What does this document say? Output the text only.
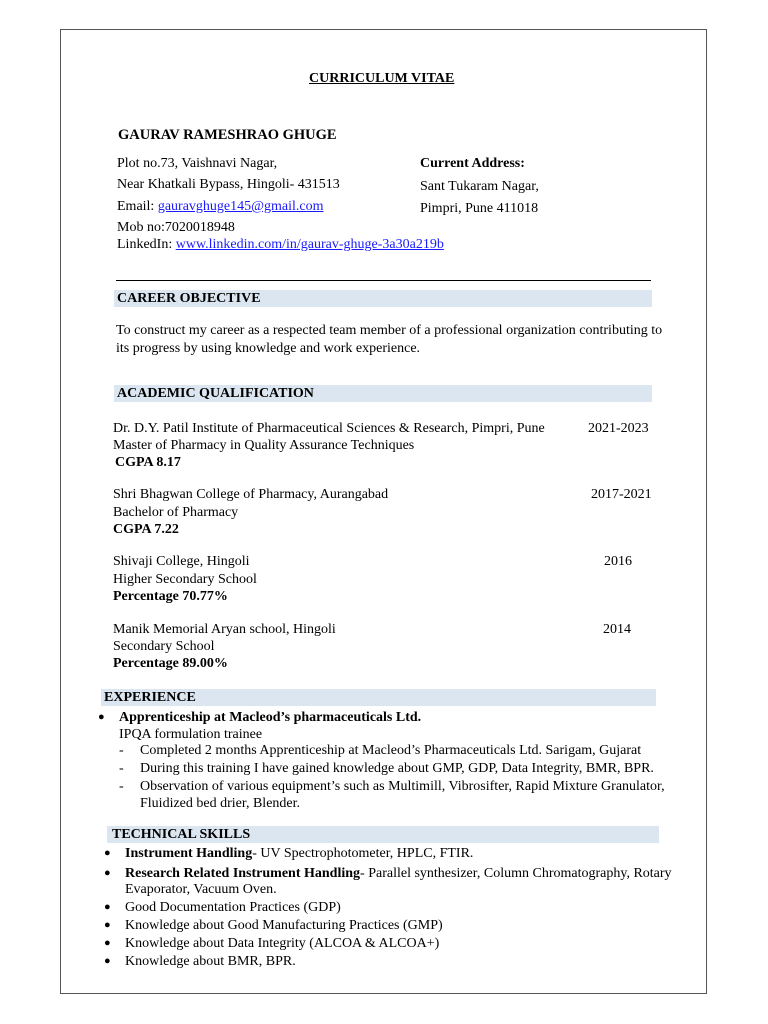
CURRICULUM VITAE
GAURAV RAMESHRAO GHUGE
Plot no.73, Vaishnavi Nagar,
Near Khatkali Bypass, Hingoli- 431513
Current Address:
Sant Tukaram Nagar,
Pimpri, Pune 411018
Email: gauravghuge145@gmail.com
Mob no:7020018948
LinkedIn: www.linkedin.com/in/gaurav-ghuge-3a30a219b
CAREER OBJECTIVE
To construct my career as a respected team member of a professional organization contributing to
its progress by using knowledge and work experience.
ACADEMIC QUALIFICATION
Dr. D.Y. Patil Institute of Pharmaceutical Sciences & Research, Pimpri, Pune	2021-2023
Master of Pharmacy in Quality Assurance Techniques
CGPA 8.17
Shri Bhagwan College of Pharmacy, Aurangabad	2017-2021
Bachelor of Pharmacy
CGPA 7.22
Shivaji College, Hingoli	2016
Higher Secondary School
Percentage 70.77%
Manik Memorial Aryan school, Hingoli	2014
Secondary School
Percentage 89.00%
EXPERIENCE
● Apprenticeship at Macleod’s pharmaceuticals Ltd.
IPQA formulation trainee
- Completed 2 months Apprenticeship at Macleod’s Pharmaceuticals Ltd. Sarigam, Gujarat
- During this training I have gained knowledge about GMP, GDP, Data Integrity, BMR, BPR.
- Observation of various equipment’s such as Multimill, Vibrosifter, Rapid Mixture Granulator,
Fluidized bed drier, Blender.
TECHNICAL SKILLS
● Instrument Handling- UV Spectrophotometer, HPLC, FTIR.
● Research Related Instrument Handling- Parallel synthesizer, Column Chromatography, Rotary
Evaporator, Vacuum Oven.
● Good Documentation Practices (GDP)
● Knowledge about Good Manufacturing Practices (GMP)
● Knowledge about Data Integrity (ALCOA & ALCOA+)
● Knowledge about BMR, BPR.
